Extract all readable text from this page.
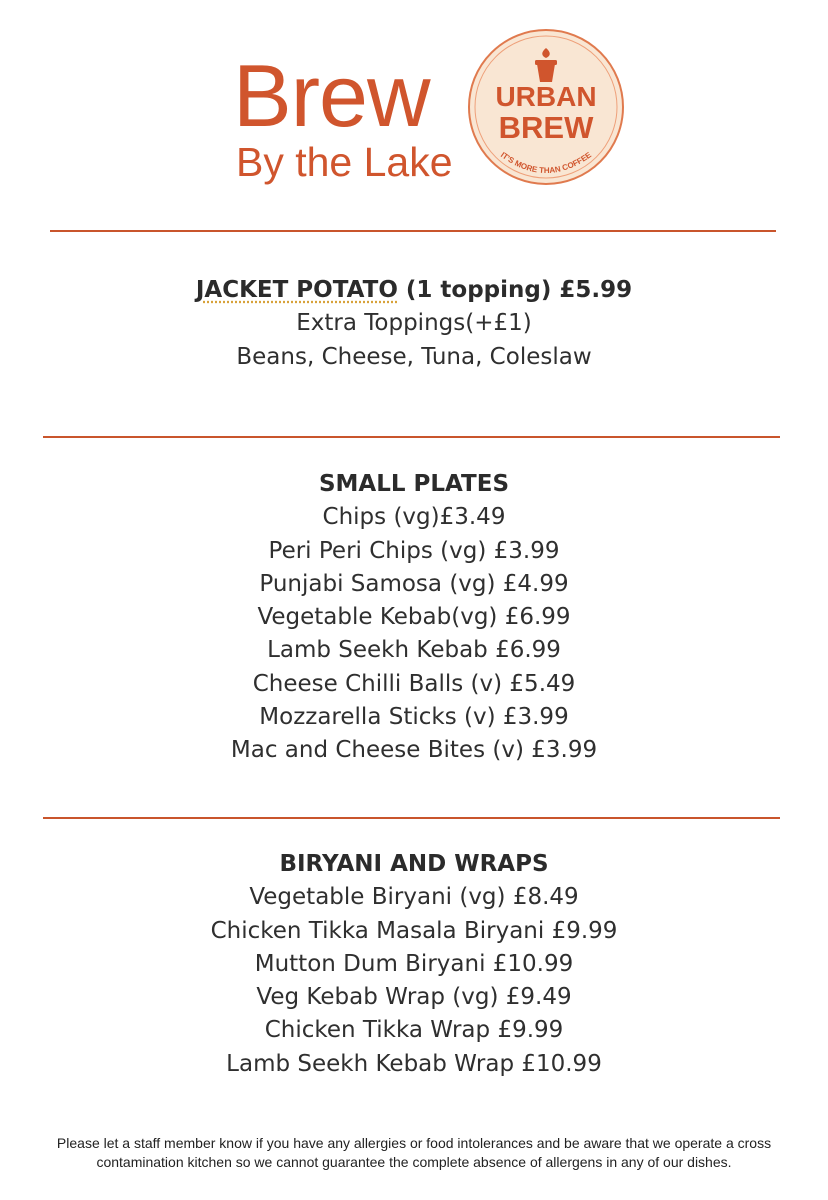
Brew
By the Lake
URBAN
BREW
IT'S MORE THAN COFFEE
JACKET POTATO (1 topping) £5.99
Extra Toppings(+£1)
Beans, Cheese, Tuna, Coleslaw
SMALL PLATES
Chips (vg)£3.49
Peri Peri Chips (vg) £3.99
Punjabi Samosa (vg) £4.99
Vegetable Kebab(vg) £6.99
Lamb Seekh Kebab £6.99
Cheese Chilli Balls (v) £5.49
Mozzarella Sticks (v) £3.99
Mac and Cheese Bites (v) £3.99
BIRYANI AND WRAPS
Vegetable Biryani (vg) £8.49
Chicken Tikka Masala Biryani £9.99
Mutton Dum Biryani £10.99
Veg Kebab Wrap (vg) £9.49
Chicken Tikka Wrap £9.99
Lamb Seekh Kebab Wrap £10.99
Please let a staff member know if you have any allergies or food intolerances and be aware that we operate a cross
contamination kitchen so we cannot guarantee the complete absence of allergens in any of our dishes.
